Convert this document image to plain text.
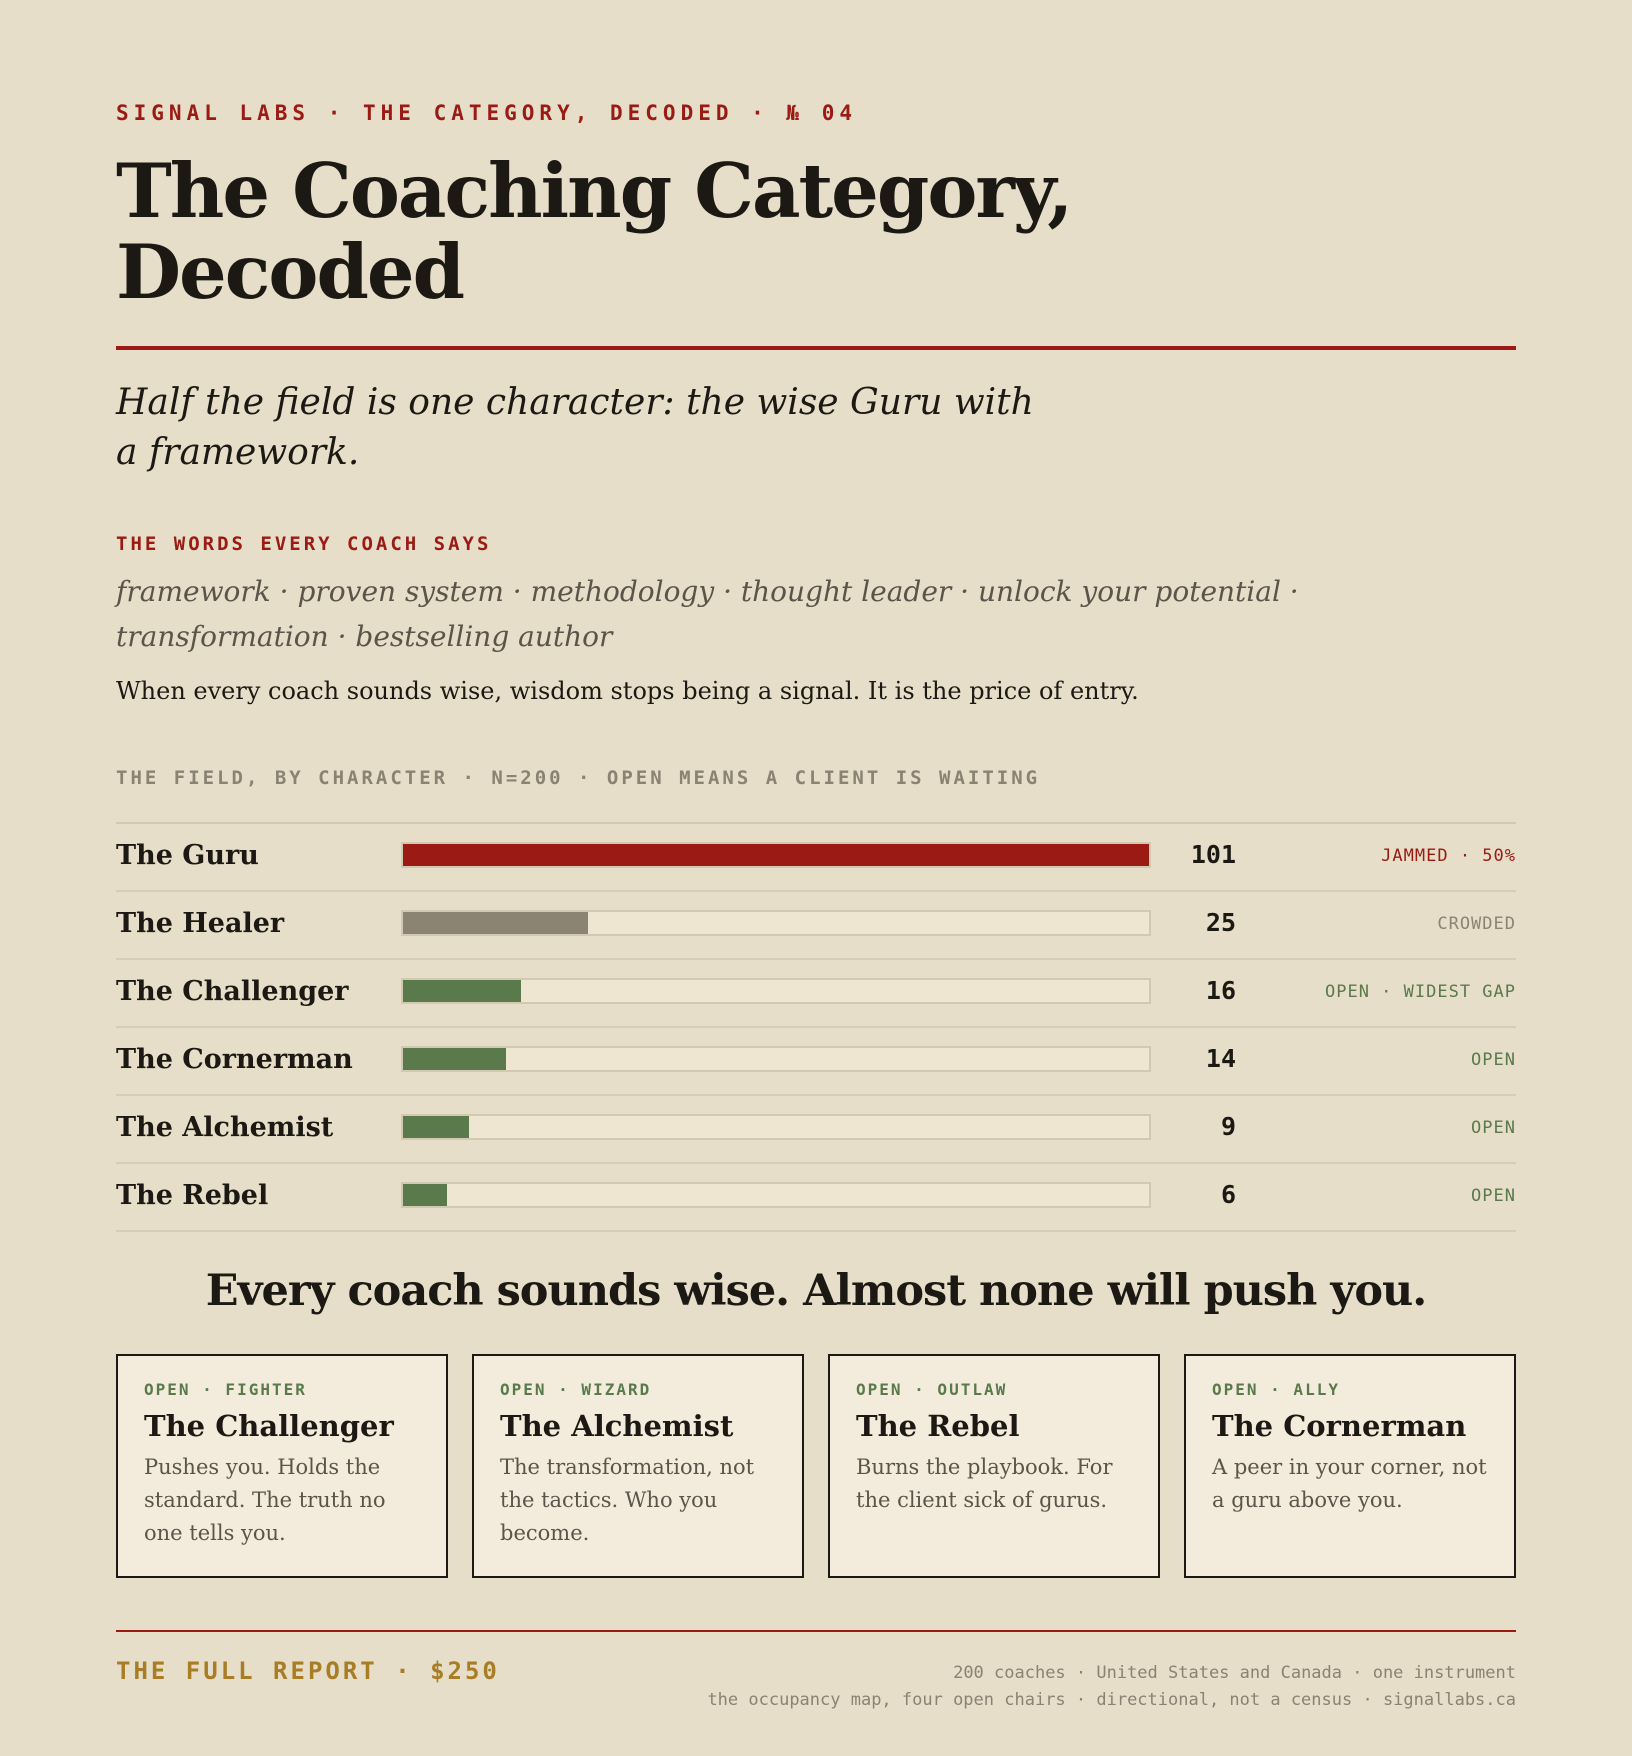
SIGNAL LABS · THE CATEGORY, DECODED · № 04
The Coaching Category, Decoded
Half the field is one character: the wise Guru with a framework.
THE WORDS EVERY COACH SAYS
framework · proven system · methodology · thought leader · unlock your potential · transformation · bestselling author
When every coach sounds wise, wisdom stops being a signal. It is the price of entry.
THE FIELD, BY CHARACTER · N=200 · OPEN MEANS A CLIENT IS WAITING
The Guru	101	JAMMED · 50%
The Healer	25	CROWDED
The Challenger	16	OPEN · WIDEST GAP
The Cornerman	14	OPEN
The Alchemist	9	OPEN
The Rebel	6	OPEN
Every coach sounds wise. Almost none will push you.
OPEN · FIGHTER
The Challenger
Pushes you. Holds the standard. The truth no one tells you.
OPEN · WIZARD
The Alchemist
The transformation, not the tactics. Who you become.
OPEN · OUTLAW
The Rebel
Burns the playbook. For the client sick of gurus.
OPEN · ALLY
The Cornerman
A peer in your corner, not a guru above you.
THE FULL REPORT · $250	200 coaches · United States and Canada · one instrument
the occupancy map, four open chairs · directional, not a census · signallabs.ca
